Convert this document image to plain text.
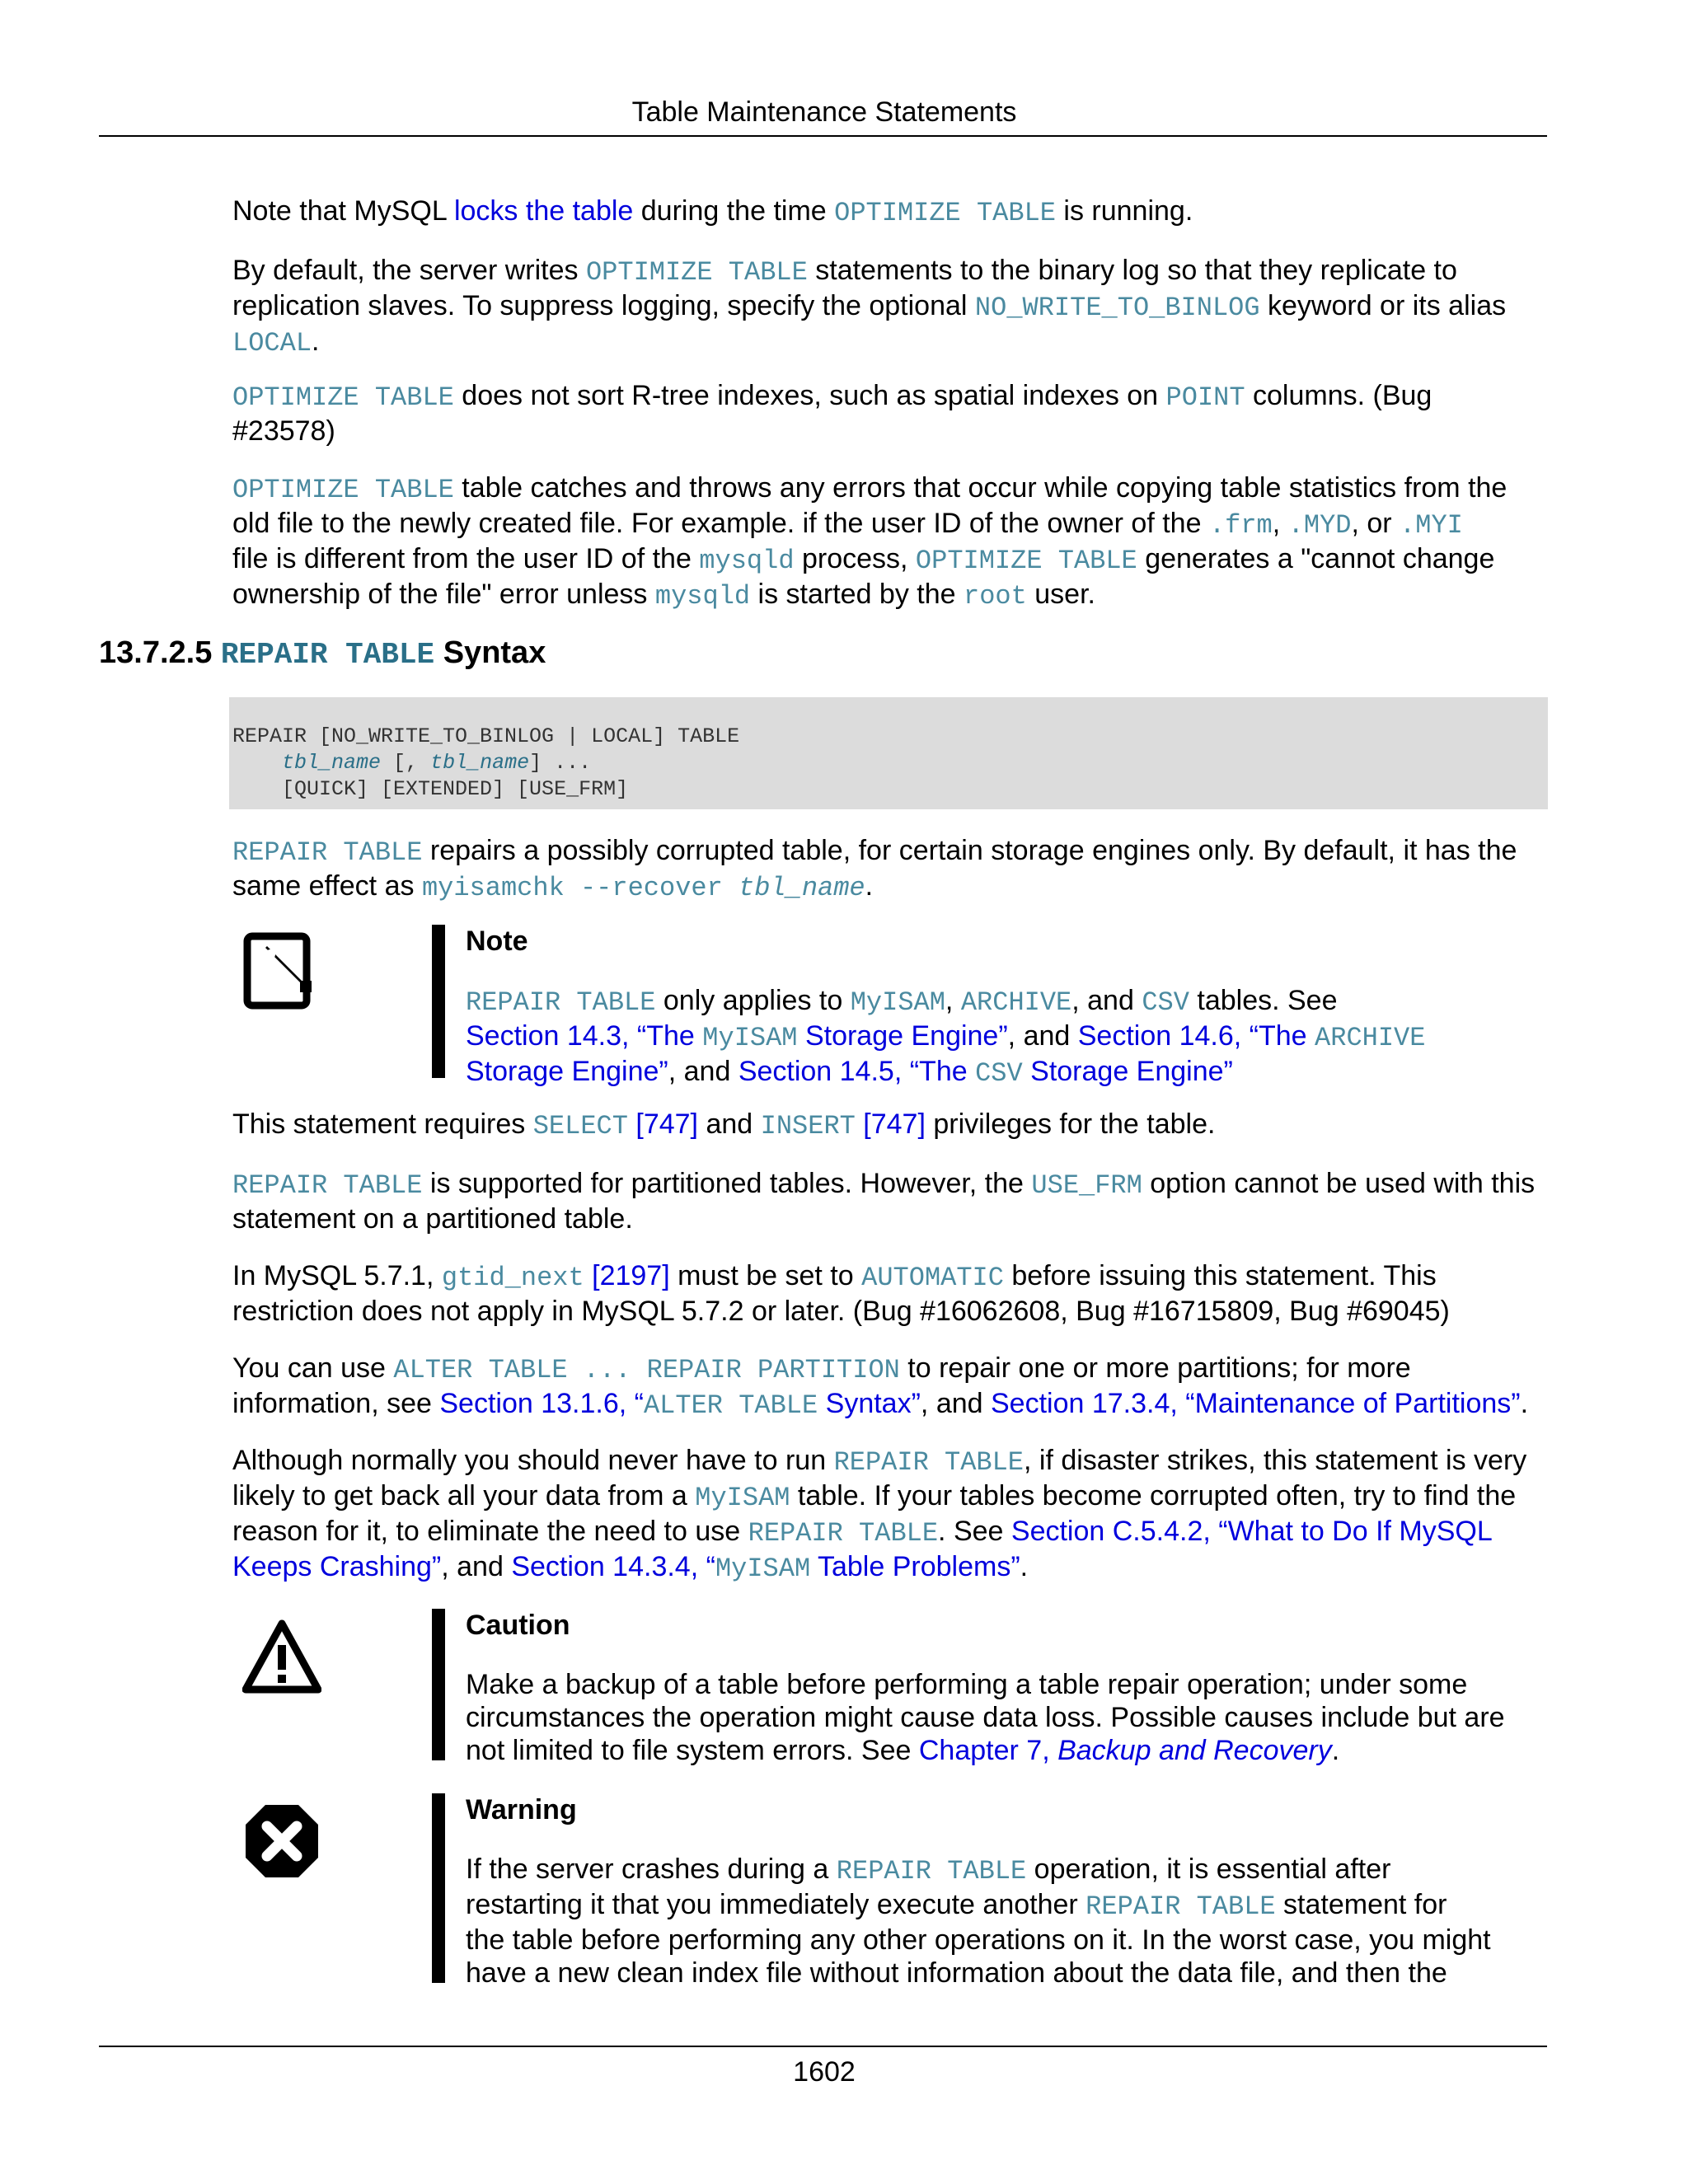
Table Maintenance Statements
Note that MySQL locks the table during the time OPTIMIZE TABLE is running.
By default, the server writes OPTIMIZE TABLE statements to the binary log so that they replicate to
replication slaves. To suppress logging, specify the optional NO_WRITE_TO_BINLOG keyword or its alias
LOCAL.
OPTIMIZE TABLE does not sort R-tree indexes, such as spatial indexes on POINT columns. (Bug
#23578)
OPTIMIZE TABLE table catches and throws any errors that occur while copying table statistics from the
old file to the newly created file. For example. if the user ID of the owner of the .frm, .MYD, or .MYI
file is different from the user ID of the mysqld process, OPTIMIZE TABLE generates a "cannot change
ownership of the file" error unless mysqld is started by the root user.
13.7.2.5 REPAIR TABLE Syntax
REPAIR [NO_WRITE_TO_BINLOG | LOCAL] TABLE
tbl_name [, tbl_name] ...
[QUICK] [EXTENDED] [USE_FRM]
REPAIR TABLE repairs a possibly corrupted table, for certain storage engines only. By default, it has the
same effect as myisamchk --recover tbl_name.
Note
REPAIR TABLE only applies to MyISAM, ARCHIVE, and CSV tables. See
Section 14.3, “The MyISAM Storage Engine”, and Section 14.6, “The ARCHIVE
Storage Engine”, and Section 14.5, “The CSV Storage Engine”
This statement requires SELECT [747] and INSERT [747] privileges for the table.
REPAIR TABLE is supported for partitioned tables. However, the USE_FRM option cannot be used with this
statement on a partitioned table.
In MySQL 5.7.1, gtid_next [2197] must be set to AUTOMATIC before issuing this statement. This
restriction does not apply in MySQL 5.7.2 or later. (Bug #16062608, Bug #16715809, Bug #69045)
You can use ALTER TABLE ... REPAIR PARTITION to repair one or more partitions; for more
information, see Section 13.1.6, “ALTER TABLE Syntax”, and Section 17.3.4, “Maintenance of Partitions”.
Although normally you should never have to run REPAIR TABLE, if disaster strikes, this statement is very
likely to get back all your data from a MyISAM table. If your tables become corrupted often, try to find the
reason for it, to eliminate the need to use REPAIR TABLE. See Section C.5.4.2, “What to Do If MySQL
Keeps Crashing”, and Section 14.3.4, “MyISAM Table Problems”.
Caution
Make a backup of a table before performing a table repair operation; under some
circumstances the operation might cause data loss. Possible causes include but are
not limited to file system errors. See Chapter 7, Backup and Recovery.
Warning
If the server crashes during a REPAIR TABLE operation, it is essential after
restarting it that you immediately execute another REPAIR TABLE statement for
the table before performing any other operations on it. In the worst case, you might
have a new clean index file without information about the data file, and then the
1602
